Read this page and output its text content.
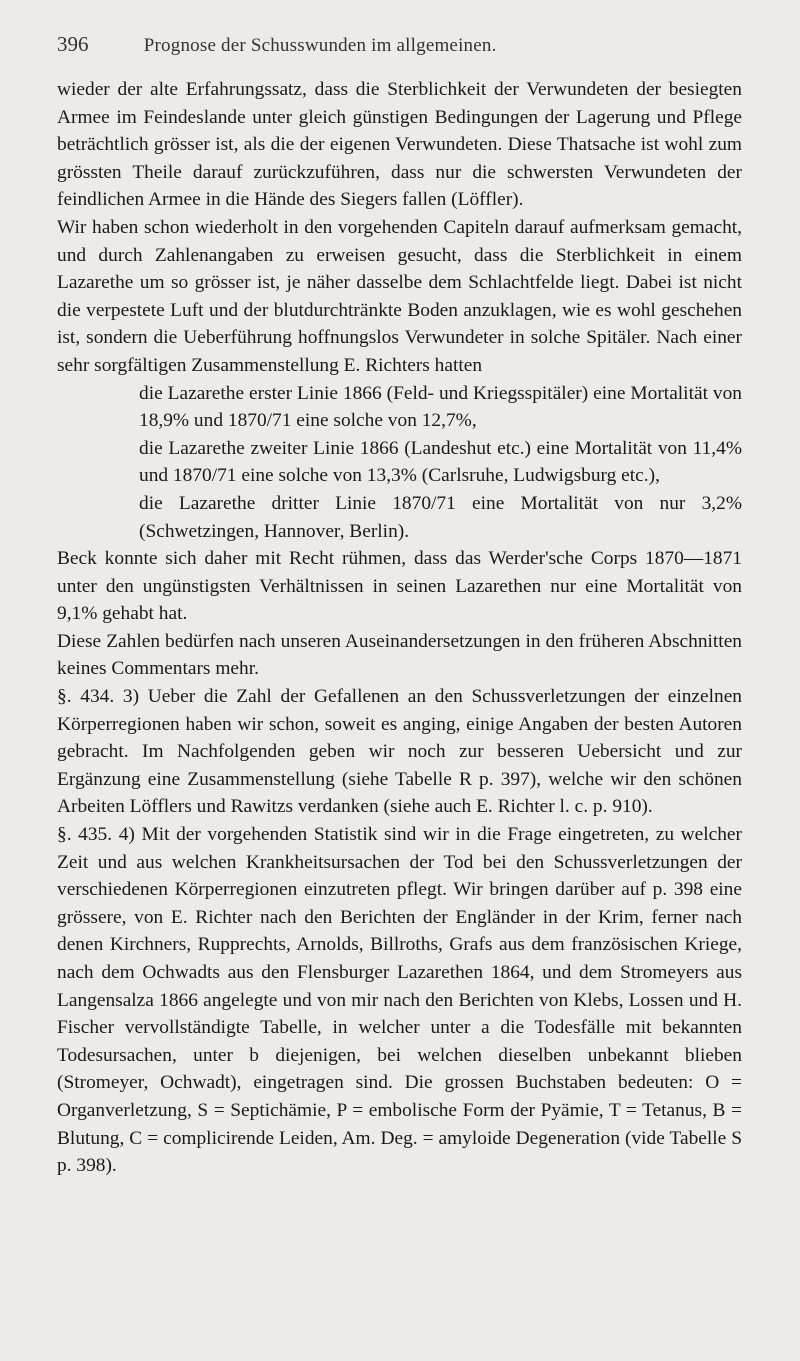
396	Prognose der Schusswunden im allgemeinen.

wieder der alte Erfahrungssatz, dass die Sterblichkeit der Verwundeten der besiegten Armee im Feindeslande unter gleich günstigen Bedingungen der Lagerung und Pflege beträchtlich grösser ist, als die der eigenen Verwundeten. Diese Thatsache ist wohl zum grössten Theile darauf zurückzuführen, dass nur die schwersten Verwundeten der feindlichen Armee in die Hände des Siegers fallen (Löffler).

Wir haben schon wiederholt in den vorgehenden Capiteln darauf aufmerksam gemacht, und durch Zahlenangaben zu erweisen gesucht, dass die Sterblichkeit in einem Lazarethe um so grösser ist, je näher dasselbe dem Schlachtfelde liegt. Dabei ist nicht die verpestete Luft und der blutdurchtränkte Boden anzuklagen, wie es wohl geschehen ist, sondern die Ueberführung hoffnungslos Verwundeter in solche Spitäler. Nach einer sehr sorgfältigen Zusammenstellung E. Richters hatten

die Lazarethe erster Linie 1866 (Feld- und Kriegsspitäler) eine Mortalität von 18,9% und 1870/71 eine solche von 12,7%,

die Lazarethe zweiter Linie 1866 (Landeshut etc.) eine Mortalität von 11,4% und 1870/71 eine solche von 13,3% (Carlsruhe, Ludwigsburg etc.),

die Lazarethe dritter Linie 1870/71 eine Mortalität von nur 3,2% (Schwetzingen, Hannover, Berlin).

Beck konnte sich daher mit Recht rühmen, dass das Werder'sche Corps 1870—1871 unter den ungünstigsten Verhältnissen in seinen Lazarethen nur eine Mortalität von 9,1% gehabt hat.

Diese Zahlen bedürfen nach unseren Auseinandersetzungen in den früheren Abschnitten keines Commentars mehr.

§. 434. 3) Ueber die Zahl der Gefallenen an den Schussverletzungen der einzelnen Körperregionen haben wir schon, soweit es anging, einige Angaben der besten Autoren gebracht. Im Nachfolgenden geben wir noch zur besseren Uebersicht und zur Ergänzung eine Zusammenstellung (siehe Tabelle R p. 397), welche wir den schönen Arbeiten Löfflers und Rawitzs verdanken (siehe auch E. Richter l. c. p. 910).

§. 435. 4) Mit der vorgehenden Statistik sind wir in die Frage eingetreten, zu welcher Zeit und aus welchen Krankheitsursachen der Tod bei den Schussverletzungen der verschiedenen Körperregionen einzutreten pflegt. Wir bringen darüber auf p. 398 eine grössere, von E. Richter nach den Berichten der Engländer in der Krim, ferner nach denen Kirchners, Rupprechts, Arnolds, Billroths, Grafs aus dem französischen Kriege, nach dem Ochwadts aus den Flensburger Lazarethen 1864, und dem Stromeyers aus Langensalza 1866 angelegte und von mir nach den Berichten von Klebs, Lossen und H. Fischer vervollständigte Tabelle, in welcher unter a die Todesfälle mit bekannten Todesursachen, unter b diejenigen, bei welchen dieselben unbekannt blieben (Stromeyer, Ochwadt), eingetragen sind. Die grossen Buchstaben bedeuten: O = Organverletzung, S = Septichämie, P = embolische Form der Pyämie, T = Tetanus, B = Blutung, C = complicirende Leiden, Am. Deg. = amyloide Degeneration (vide Tabelle S p. 398).
